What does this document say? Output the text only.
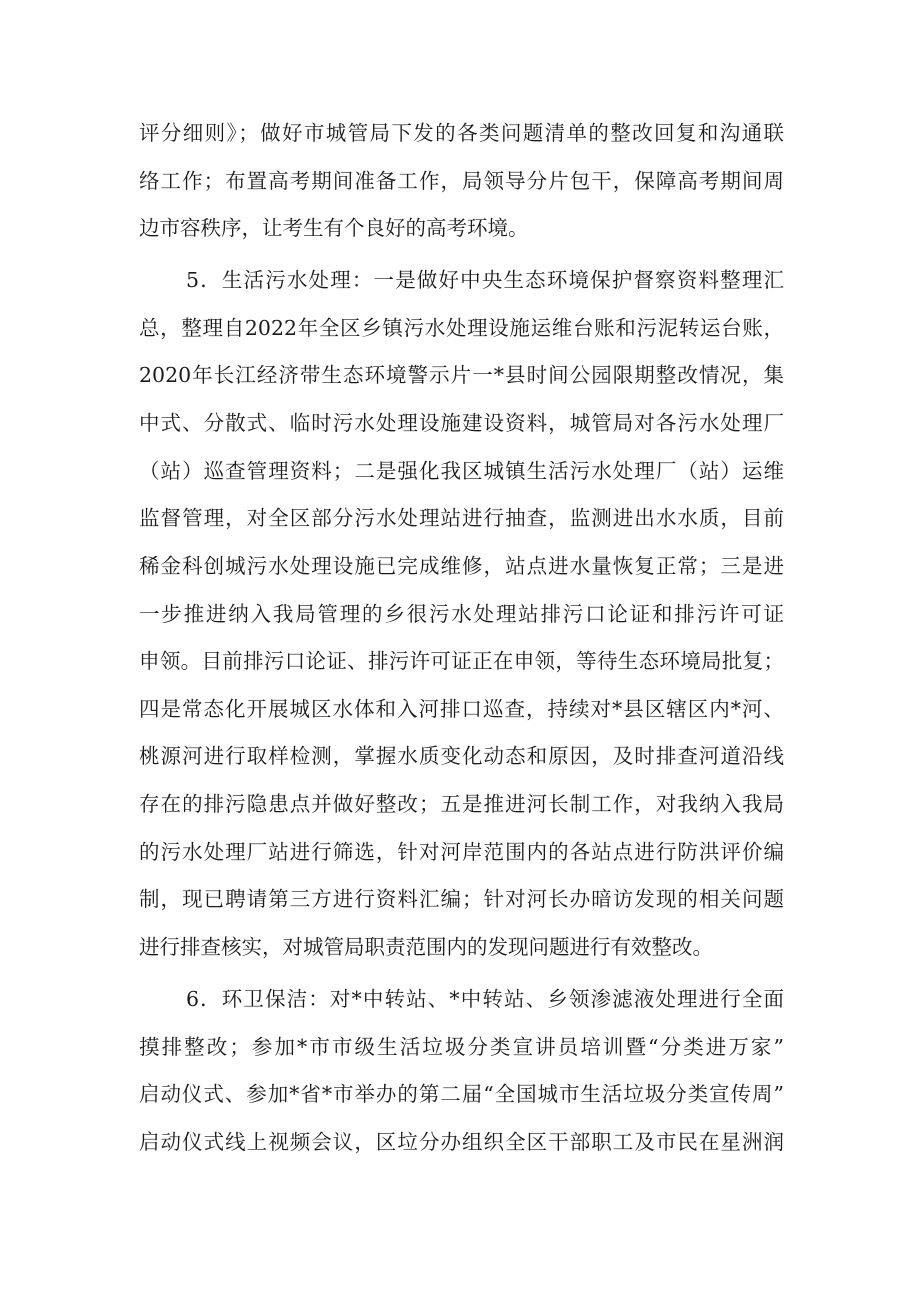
评分细则》；做好市城管局下发的各类问题清单的整改回复和沟通联
络工作；布置高考期间准备工作，局领导分片包干，保障高考期间周
边市容秩序，让考生有个良好的高考环境。
5．生活污水处理：一是做好中央生态环境保护督察资料整理汇
总，整理自2022年全区乡镇污水处理设施运维台账和污泥转运台账，
2020年长江经济带生态环境警示片一*县时间公园限期整改情况，集
中式、分散式、临时污水处理设施建设资料，城管局对各污水处理厂
（站）巡查管理资料；二是强化我区城镇生活污水处理厂（站）运维
监督管理，对全区部分污水处理站进行抽查，监测进出水水质，目前
稀金科创城污水处理设施已完成维修，站点进水量恢复正常；三是进
一步推进纳入我局管理的乡很污水处理站排污口论证和排污许可证
申领。目前排污口论证、排污许可证正在申领，等待生态环境局批复；
四是常态化开展城区水体和入河排口巡查，持续对*县区辖区内*河、
桃源河进行取样检测，掌握水质变化动态和原因，及时排查河道沿线
存在的排污隐患点并做好整改；五是推进河长制工作，对我纳入我局
的污水处理厂站进行筛选，针对河岸范围内的各站点进行防洪评价编
制，现已聘请第三方进行资料汇编；针对河长办暗访发现的相关问题
进行排查核实，对城管局职责范围内的发现问题进行有效整改。
6．环卫保洁：对*中转站、*中转站、乡领渗滤液处理进行全面
摸排整改；参加*市市级生活垃圾分类宣讲员培训暨“分类进万家”
启动仪式、参加*省*市举办的第二届“全国城市生活垃圾分类宣传周”
启动仪式线上视频会议，区垃分办组织全区干部职工及市民在星洲润
